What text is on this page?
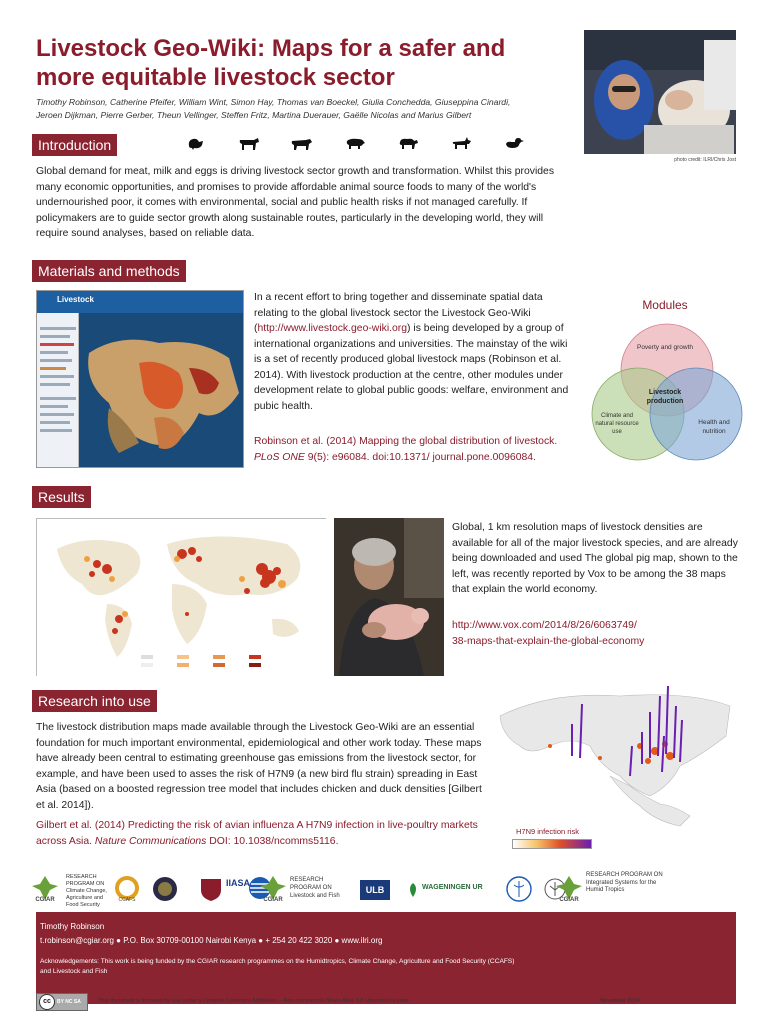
Livestock Geo-Wiki: Maps for a safer and
more equitable livestock sector
Timothy Robinson, Catherine Pfeifer, William Wint, Simon Hay, Thomas van Boeckel, Giulia Conchedda, Giuseppina Cinardi,
Jeroen Dijkman, Pierre Gerber, Theun Vellinger, Steffen Fritz, Martina Duerauer, Gaëlle Nicolas and Marius Gilbert
photo credit: ILRI/Chris Jost
Introduction
Global demand for meat, milk and eggs is driving livestock sector growth and transformation. Whilst this provides many economic opportunities, and promises to provide affordable animal source foods to many of the world's undernourished poor, it comes with environmental, social and public health risks if not managed carefully. If policymakers are to guide sector growth along sustainable routes, particularly in the developing world, they will require sound analyses, based on reliable data.
Materials and methods
Livestock	In a recent effort to bring together and disseminate spatial data relating to the global livestock sector the Livestock Geo-Wiki (http://www.livestock.geo-wiki.org) is being developed by a group of international organizations and universities. The mainstay of the wiki is a set of recently produced global livestock maps (Robinson et al. 2014). With livestock production at the centre, other modules under development relate to global public goods: welfare, environment and pubic health.
Robinson et al. (2014) Mapping the global distribution of livestock. PLoS ONE 9(5): e96084. doi:10.1371/ journal.pone.0096084.
Modules
Poverty and growth
Livestock production
Climate and natural resource use
Health and nutrition
Results
Global, 1 km resolution maps of livestock densities are available for all of the major livestock species, and are already being downloaded and used The global pig map, shown to the left, was recently reported by Vox to be among the 38 maps that explain the world economy.
http://www.vox.com/2014/8/26/6063749/
38-maps-that-explain-the-global-economy
Research into use
The livestock distribution maps made available through the Livestock Geo-Wiki are an essential foundation for much important environmental, epidemiological and other work today. These maps have already been central to estimating greenhouse gas emissions from the livestock sector, for example, and have been used to asses the risk of H7N9 (a new bird flu strain) spreading in East Asia (based on a boosted regression tree model that includes chicken and duck densities [Gilbert et al. 2014]).
Gilbert et al. (2014) Predicting the risk of avian influenza A H7N9 infection in live-poultry markets across Asia. Nature Communications DOI: 10.1038/ncomms5116.
H7N9 infection risk
CGIAR
RESEARCH PROGRAM ON Climate Change, Agriculture and Food Security
CCAFS
IIASA
CGIAR
RESEARCH PROGRAM ON Livestock and Fish
ULB	WAGENINGEN UR
CGIAR
RESEARCH PROGRAM ON Integrated Systems for the Humid Tropics
Timothy Robinson
t.robinson@cgiar.org ● P.O. Box 30709-00100 Nairobi Kenya ● + 254 20 422 3020 ● www.ilri.org
Acknowledgements: This work is being funded by the CGIAR research programmes on the Humidtropics, Climate Change, Agriculture and Food Security (CCAFS)
and Livestock and Fish
ILRI
40
YEARS
cc	BY NC SA	This document is licensed for use under a Creative Commons Attribution – Non commercial-Share Alike 3.0 Unported License	November 2014
